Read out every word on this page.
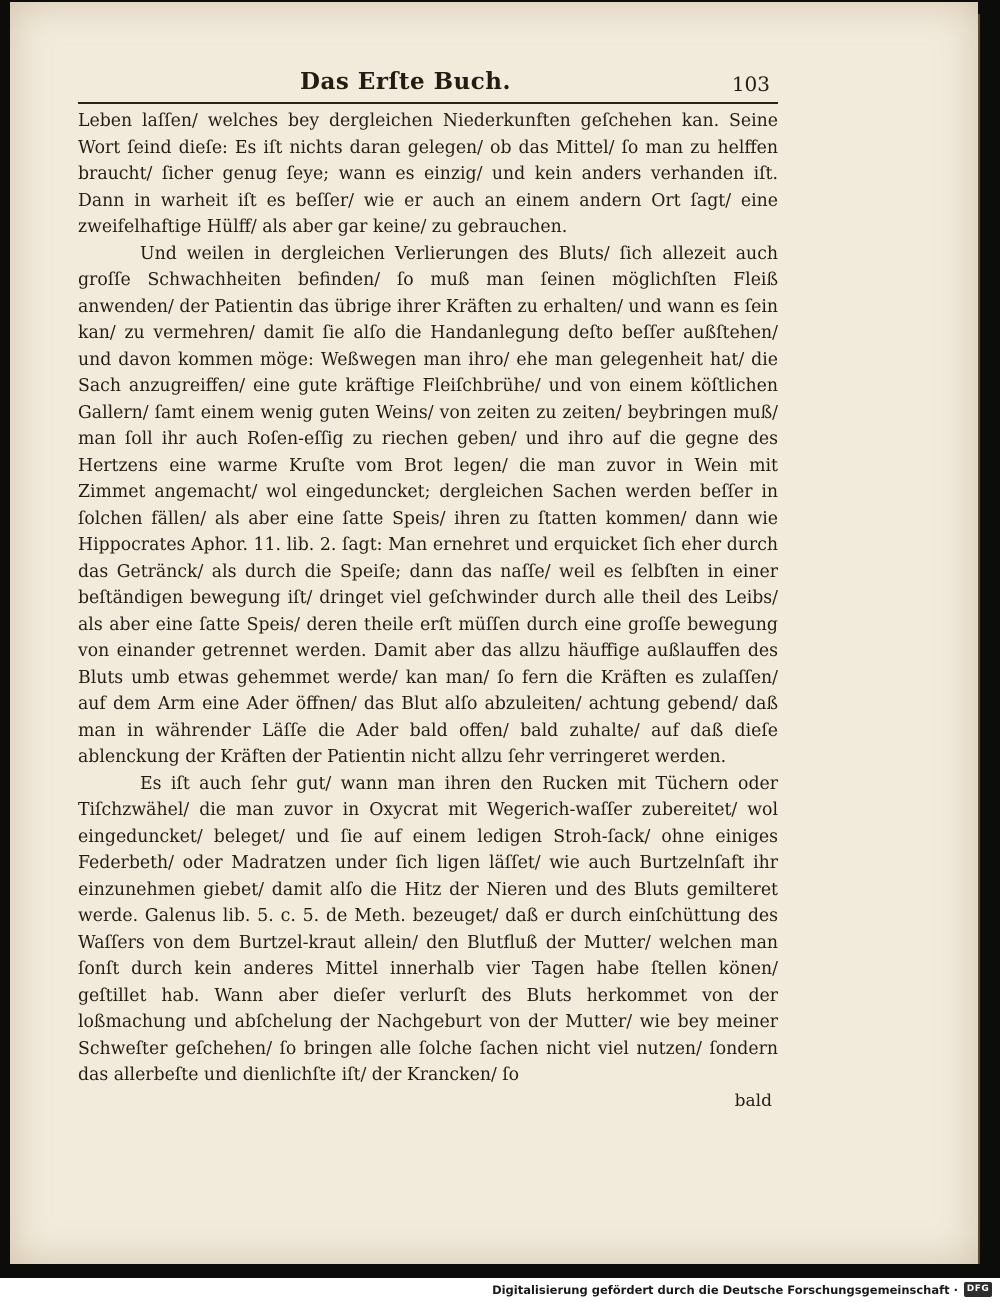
Das Erſte Buch.	103

Leben laſſen/ welches bey dergleichen Niederkunften geſchehen kan. Seine Wort ſeind dieſe: Es iſt nichts daran gelegen/ ob das Mittel/ ſo man zu helffen braucht/ ſicher genug ſeye; wann es einzig/ und kein anders verhanden iſt. Dann in warheit iſt es beſſer/ wie er auch an einem andern Ort ſagt/ eine zweifelhaftige Hülff/ als aber gar keine/ zu gebrauchen.

Und weilen in dergleichen Verlierungen des Bluts/ ſich allezeit auch groſſe Schwachheiten befinden/ ſo muß man ſeinen möglichſten Fleiß anwenden/ der Patientin das übrige ihrer Kräften zu erhalten/ und wann es ſein kan/ zu vermehren/ damit ſie alſo die Handanlegung deſto beſſer außſtehen/ und davon kommen möge: Weßwegen man ihro/ ehe man gelegenheit hat/ die Sach anzugreiffen/ eine gute kräftige Fleiſchbrühe/ und von einem köſtlichen Gallern/ ſamt einem wenig guten Weins/ von zeiten zu zeiten/ beybringen muß/ man ſoll ihr auch Roſen-eſſig zu riechen geben/ und ihro auf die gegne des Hertzens eine warme Kruſte vom Brot legen/ die man zuvor in Wein mit Zimmet angemacht/ wol eingeduncket; dergleichen Sachen werden beſſer in ſolchen fällen/ als aber eine ſatte Speis/ ihren zu ſtatten kommen/ dann wie Hippocrates Aphor. 11. lib. 2. ſagt: Man ernehret und erquicket ſich eher durch das Getränck/ als durch die Speiſe; dann das naſſe/ weil es ſelbſten in einer beſtändigen bewegung iſt/ dringet viel geſchwinder durch alle theil des Leibs/ als aber eine ſatte Speis/ deren theile erſt müſſen durch eine groſſe bewegung von einander getrennet werden. Damit aber das allzu häuffige außlauffen des Bluts umb etwas gehemmet werde/ kan man/ ſo fern die Kräften es zulaſſen/ auf dem Arm eine Ader öffnen/ das Blut alſo abzuleiten/ achtung gebend/ daß man in währender Läſſe die Ader bald offen/ bald zuhalte/ auf daß dieſe ablenckung der Kräften der Patientin nicht allzu ſehr verringeret werden.

Es iſt auch ſehr gut/ wann man ihren den Rucken mit Tüchern oder Tiſchzwähel/ die man zuvor in Oxycrat mit Wegerich-waſſer zubereitet/ wol eingeduncket/ beleget/ und ſie auf einem ledigen Stroh-ſack/ ohne einiges Federbeth/ oder Madratzen under ſich ligen läſſet/ wie auch Burtzelnſaft ihr einzunehmen giebet/ damit alſo die Hitz der Nieren und des Bluts gemilteret werde. Galenus lib. 5. c. 5. de Meth. bezeuget/ daß er durch einſchüttung des Waſſers von dem Burtzel-kraut allein/ den Blutfluß der Mutter/ welchen man ſonſt durch kein anderes Mittel innerhalb vier Tagen habe ſtellen könen/ geſtillet hab. Wann aber dieſer verlurſt des Bluts herkommet von der loßmachung und abſchelung der Nachgeburt von der Mutter/ wie bey meiner Schweſter geſchehen/ ſo bringen alle ſolche ſachen nicht viel nutzen/ ſondern das allerbeſte und dienlichſte iſt/ der Krancken/ ſo

bald
Digitalisierung gefördert durch die Deutsche Forschungsgemeinschaft · DFG
